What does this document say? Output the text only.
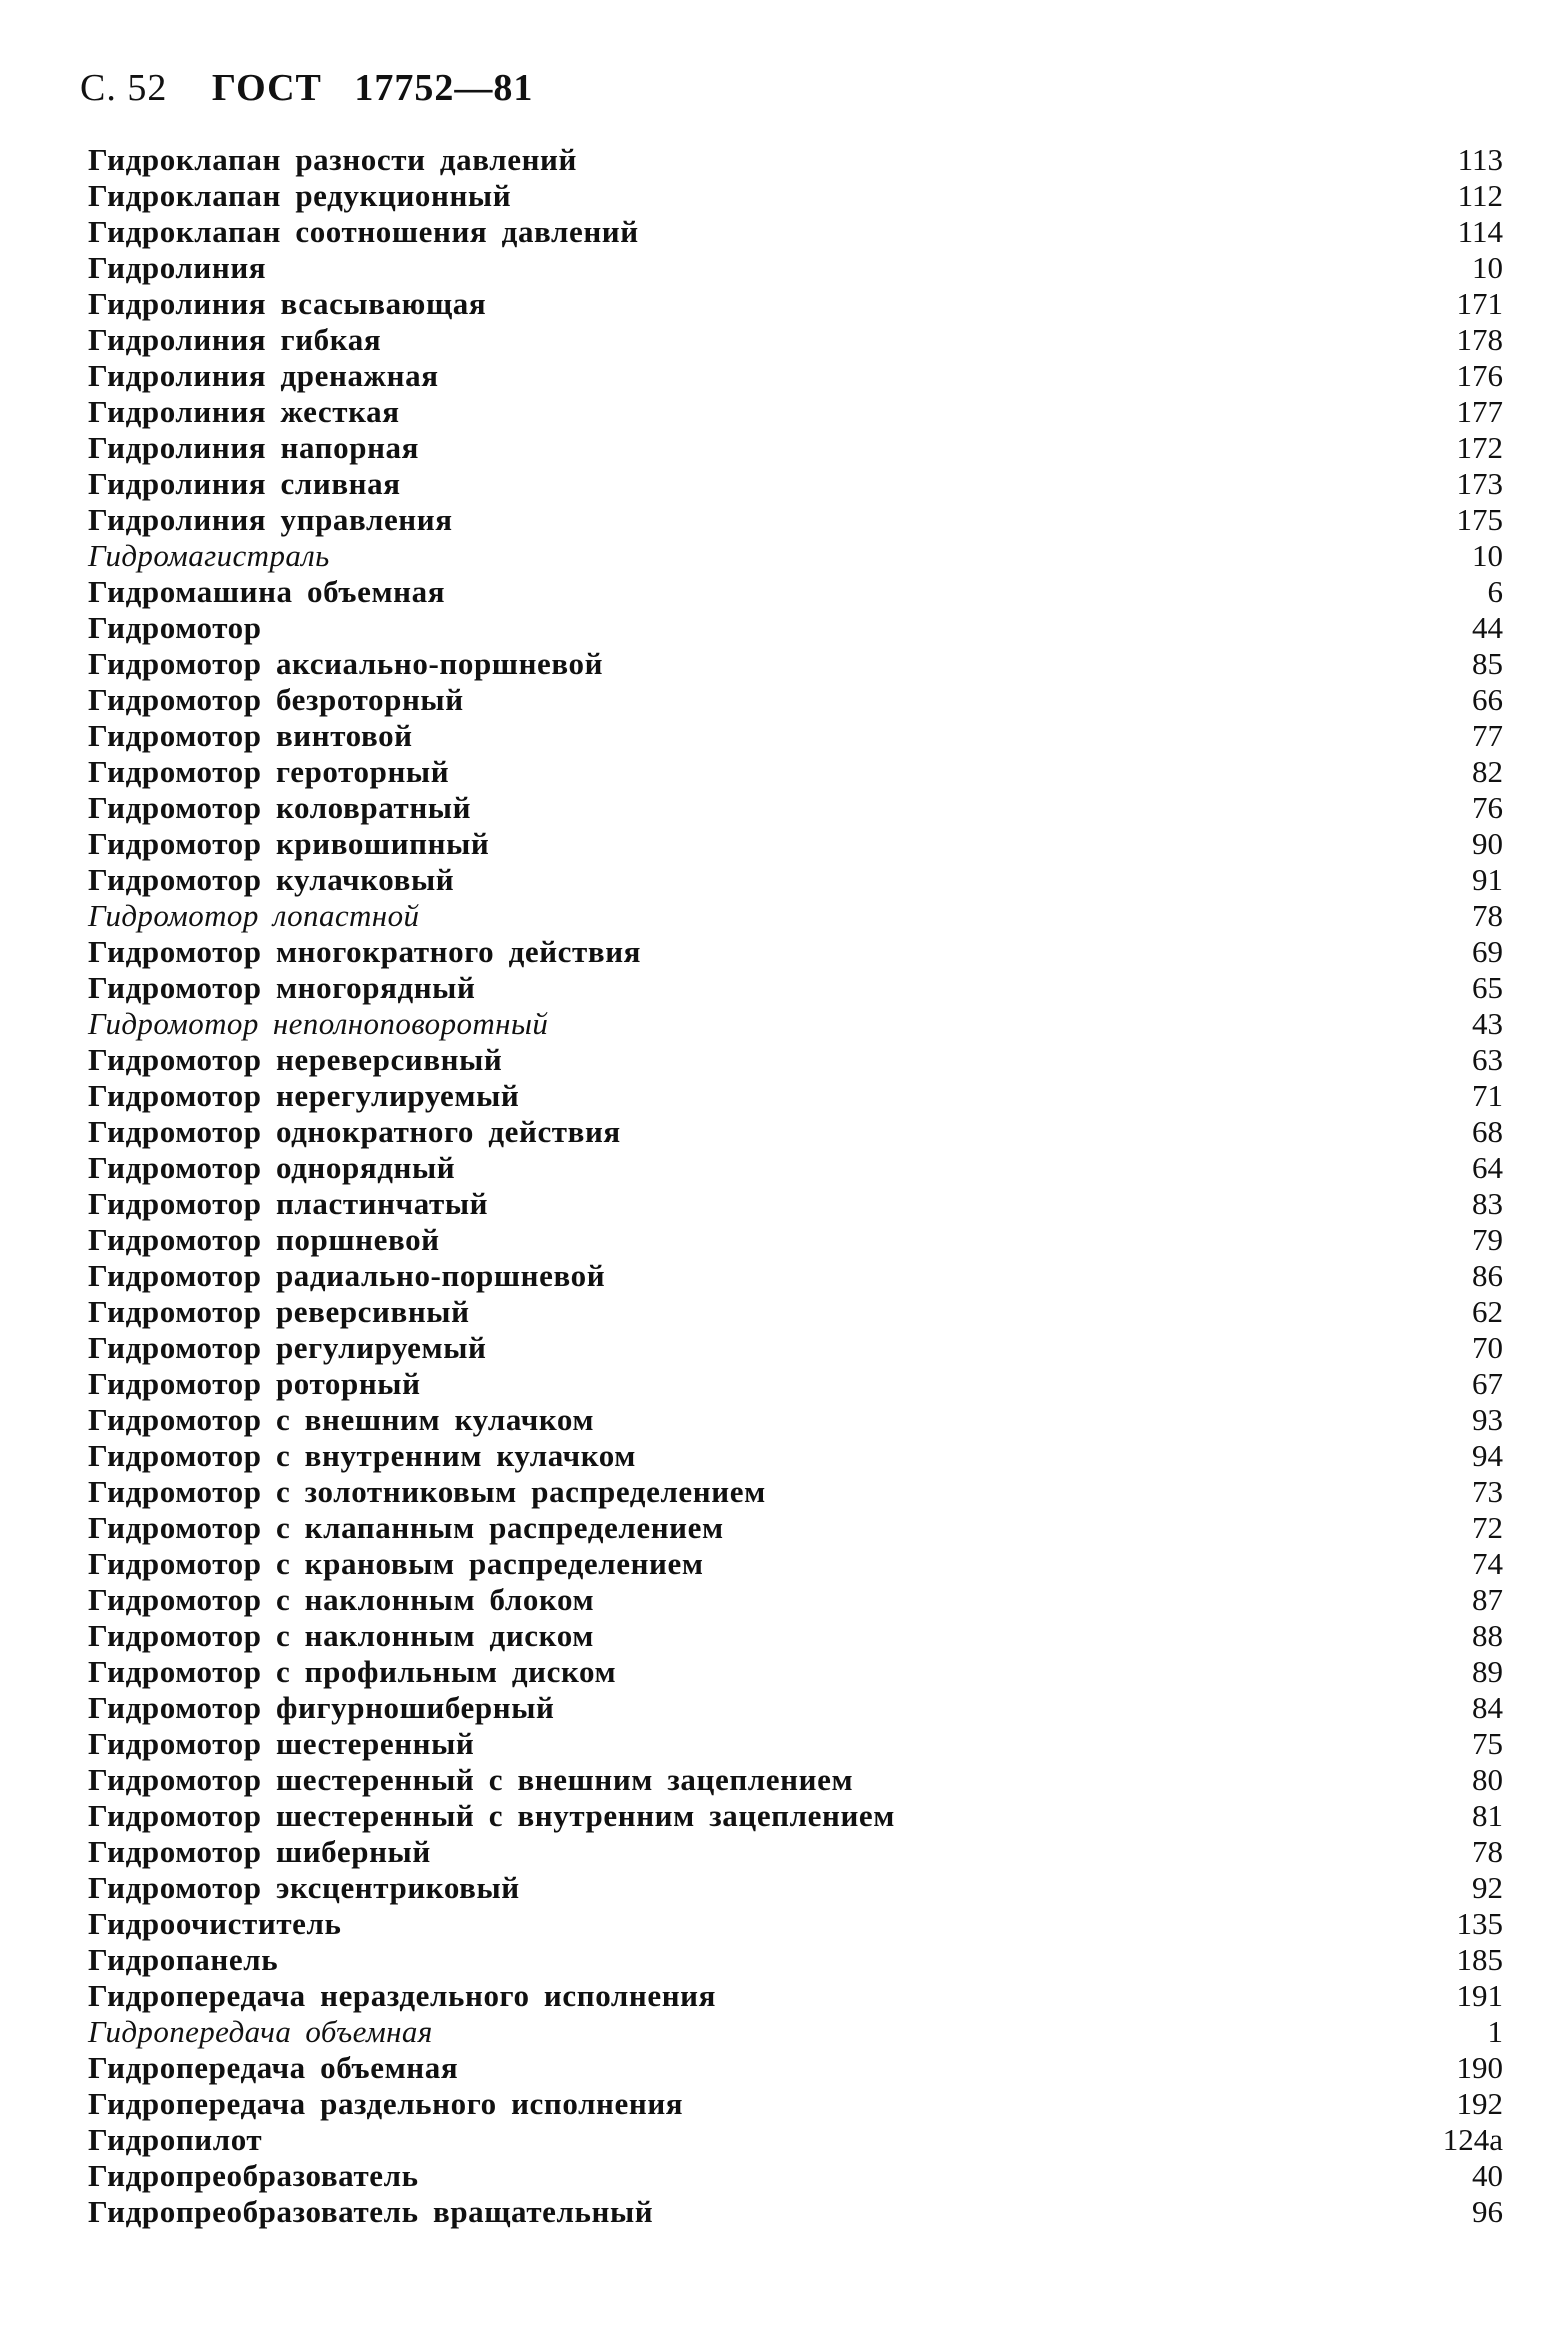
С. 52 ГОСТ 17752—81
Гидроклапан разности давлений	113
Гидроклапан редукционный	112
Гидроклапан соотношения давлений	114
Гидролиния	10
Гидролиния всасывающая	171
Гидролиния гибкая	178
Гидролиния дренажная	176
Гидролиния жесткая	177
Гидролиния напорная	172
Гидролиния сливная	173
Гидролиния управления	175
Гидромагистраль	10
Гидромашина объемная	6
Гидромотор	44
Гидромотор аксиально-поршневой	85
Гидромотор безроторный	66
Гидромотор винтовой	77
Гидромотор героторный	82
Гидромотор коловратный	76
Гидромотор кривошипный	90
Гидромотор кулачковый	91
Гидромотор лопастной	78
Гидромотор многократного действия	69
Гидромотор многорядный	65
Гидромотор неполноповоротный	43
Гидромотор нереверсивный	63
Гидромотор нерегулируемый	71
Гидромотор однократного действия	68
Гидромотор однорядный	64
Гидромотор пластинчатый	83
Гидромотор поршневой	79
Гидромотор радиально-поршневой	86
Гидромотор реверсивный	62
Гидромотор регулируемый	70
Гидромотор роторный	67
Гидромотор с внешним кулачком	93
Гидромотор с внутренним кулачком	94
Гидромотор с золотниковым распределением	73
Гидромотор с клапанным распределением	72
Гидромотор с крановым распределением	74
Гидромотор с наклонным блоком	87
Гидромотор с наклонным диском	88
Гидромотор с профильным диском	89
Гидромотор фигурношиберный	84
Гидромотор шестеренный	75
Гидромотор шестеренный с внешним зацеплением	80
Гидромотор шестеренный с внутренним зацеплением	81
Гидромотор шиберный	78
Гидромотор эксцентриковый	92
Гидроочиститель	135
Гидропанель	185
Гидропередача нераздельного исполнения	191
Гидропередача объемная	1
Гидропередача объемная	190
Гидропередача раздельного исполнения	192
Гидропилот	124а
Гидропреобразователь	40
Гидропреобразователь вращательный	96
